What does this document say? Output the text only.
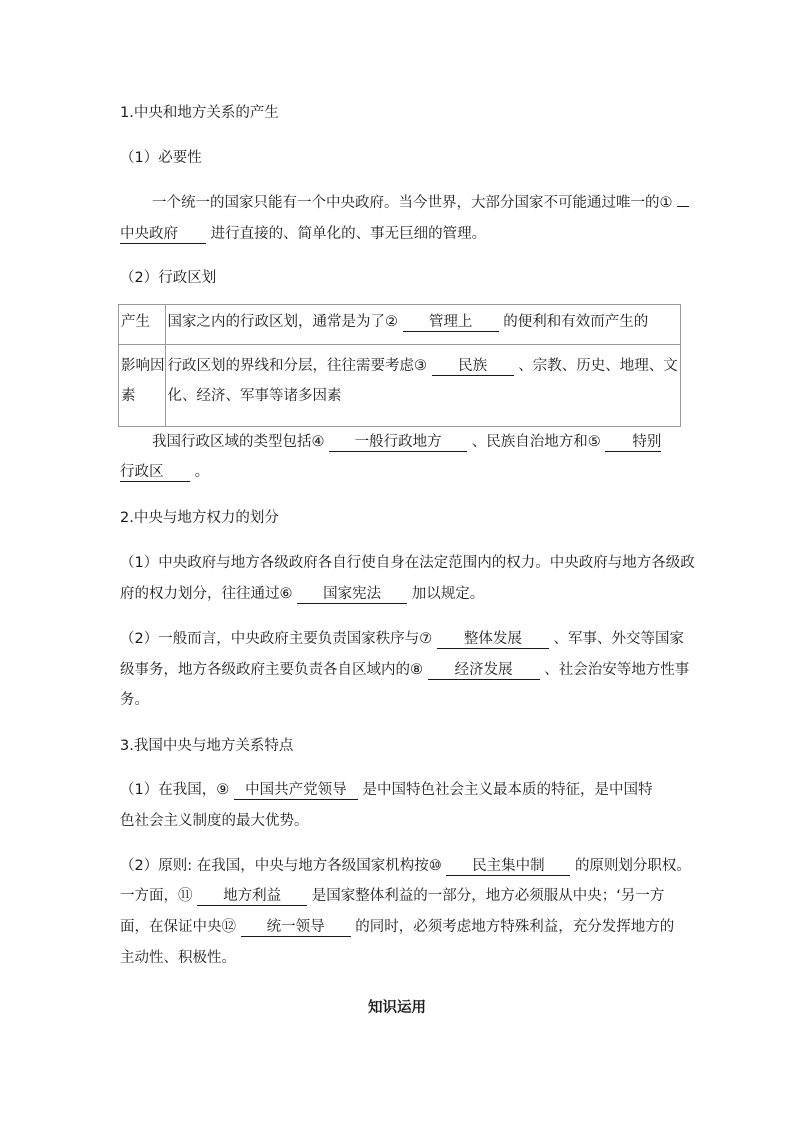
1.中央和地方关系的产生
（1）必要性
一个统一的国家只能有一个中央政府。当今世界，大部分国家不可能通过唯一的①
中央政府 进行直接的、简单化的、事无巨细的管理。
（2）行政区划
产生	国家之内的行政区划，通常是为了② 管理上 的便利和有效而产生的

影响因
素	行政区划的界线和分层，往往需要考虑③ 民族 、宗教、历史、地理、文
化、经济、军事等诸多因素
我国行政区域的类型包括④ 一般行政地方 、民族自治地方和⑤ 特别
行政区 。
2.中央与地方权力的划分
（1）中央政府与地方各级政府各自行使自身在法定范围内的权力。中央政府与地方各级政
府的权力划分，往往通过⑥ 国家宪法 加以规定。
（2）一般而言，中央政府主要负责国家秩序与⑦ 整体发展 、军事、外交等国家
级事务，地方各级政府主要负责各自区域内的⑧ 经济发展 、社会治安等地方性事
务。
3.我国中央与地方关系特点
（1）在我国，⑨ 中国共产党领导 是中国特色社会主义最本质的特征，是中国特
色社会主义制度的最大优势。
（2）原则: 在我国，中央与地方各级国家机构按⑩ 民主集中制 的原则划分职权。
一方面，⑪ 地方利益 是国家整体利益的一部分，地方必须服从中央；‘另一方
面，在保证中央⑫ 统一领导 的同时，必须考虑地方特殊利益，充分发挥地方的
主动性、积极性。
知识运用
